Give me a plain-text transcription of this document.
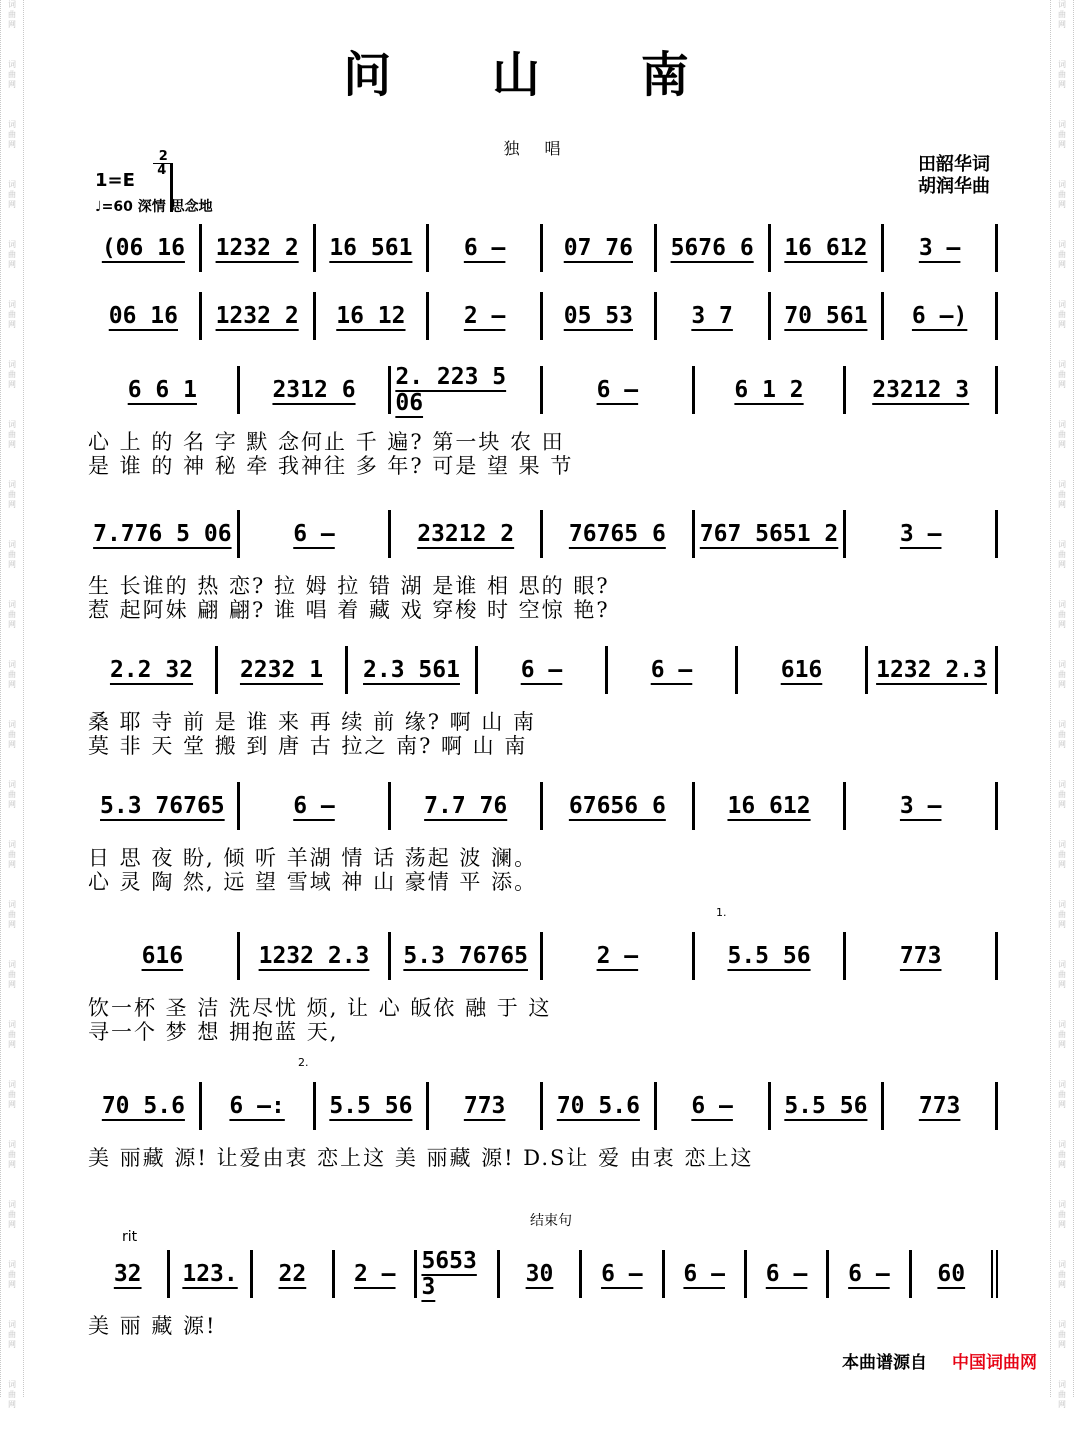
词
曲
网
词
曲
网
词
曲
网
词
曲
网
词
曲
网
词
曲
网
词
曲
网
词
曲
网
词
曲
网
词
曲
网
词
曲
网
词
曲
网
词
曲
网
词
曲
网
词
曲
网
词
曲
网
词
曲
网
词
曲
网
词
曲
网
词
曲
网
词
曲
网
词
曲
网
词
曲
网
词
曲
网
词
曲
网
词
曲
网
词
曲
网
词
曲
网
词
曲
网
词
曲
网
词
曲
网
词
曲
网
词
曲
网
词
曲
网
词
曲
网
词
曲
网
词
曲
网
词
曲
网
词
曲
网
词
曲
网
词
曲
网
词
曲
网
词
曲
网
词
曲
网
词
曲
网
词
曲
网
词
曲
网
词
曲
网
问 山 南
$1=E \frac{2}{4}$
独 唱
田韶华词
胡润华曲
♩=60 深情 思念地
(06 16 1232 2 16 561 6 –	07 76 5676 6 16 612 3 –
06 16 1232 2 16 12	2 –	05 53	3 7 70 561 6 –)
6 6 1	2312 6 2. 223 5 06	6 –	6 1 2	23212 3
心 上 的 名 字 默 念何止 千 遍? 第一块 农 田
是 谁 的 神 秘 牵 我神往 多 年? 可是 望 果 节
7.776 5 06	6 –	23212 2 76765 6 767 5651 2	3 –
生 长谁的 热 恋? 拉 姆 拉 错 湖 是谁 相 思的 眼?
惹 起阿妹 翩 翩? 谁 唱 着 藏 戏 穿梭 时 空惊 艳?
2.2 32 2232 1 2.3 561	6 –	6 –	616 1232 2.3
桑 耶 寺 前 是 谁 来 再 续 前 缘? 啊 山 南
莫 非 天 堂 搬 到 唐 古 拉之 南? 啊 山 南
5.3 76765	6 –	7.7 76	67656 6	16 612	3 –
日 思 夜 盼, 倾 听 羊湖 情 话 荡起 波 澜。
心 灵 陶 然, 远 望 雪域 神 山 豪情 平 添。
616	1232 2.3 5.3 76765	2 –	5.5 56	773
饮一杯 圣 洁 洗尽忧 烦, 让 心 皈依 融 于 这
寻一个 梦 想 拥抱蓝 天,
70 5.6 6 –: 5.5 56 773 70 5.6 6 – 5.5 56 773
美 丽藏 源! 让爱由衷 恋上这 美 丽藏 源! D.S让 爱 由衷 恋上这
32 123. 22 2 – 5653 3	30 6 – 6 – 6 – 6 – 60
美 丽 藏 源!
rit
结束句
1.
2.
本曲谱源自 中国词曲网
